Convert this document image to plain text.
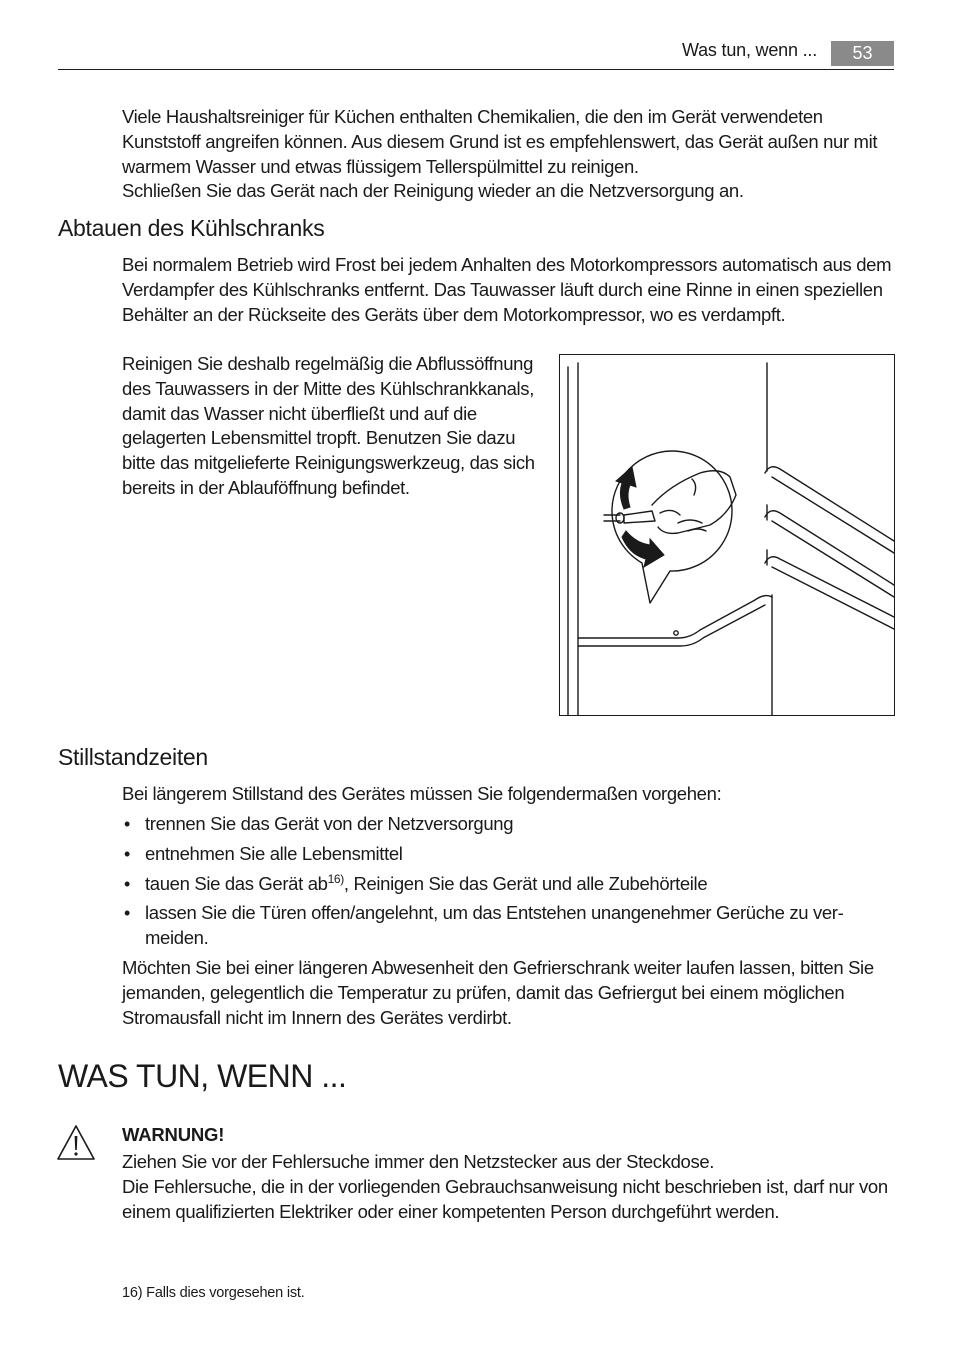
Was tun, wenn ...	53
Viele Haushaltsreiniger für Küchen enthalten Chemikalien, die den im Gerät verwendeten Kunststoff angreifen können. Aus diesem Grund ist es empfehlenswert, das Gerät außen nur mit warmem Wasser und etwas flüssigem Tellerspülmittel zu reinigen.
Schließen Sie das Gerät nach der Reinigung wieder an die Netzversorgung an.
Abtauen des Kühlschranks
Bei normalem Betrieb wird Frost bei jedem Anhalten des Motorkompressors automatisch aus dem Verdampfer des Kühlschranks entfernt. Das Tauwasser läuft durch eine Rinne in einen speziellen Behälter an der Rückseite des Geräts über dem Motorkompressor, wo es verdampft.
Reinigen Sie deshalb regelmäßig die Abflussöffnung des Tauwassers in der Mitte des Kühlschrankkanals, damit das Wasser nicht überfließt und auf die gelagerten Lebensmittel tropft. Benutzen Sie dazu bitte das mitgelieferte Reinigungswerkzeug, das sich bereits in der Ablauföffnung befindet.
Stillstandzeiten
Bei längerem Stillstand des Gerätes müssen Sie folgendermaßen vorgehen:
• trennen Sie das Gerät von der Netzversorgung
• entnehmen Sie alle Lebensmittel
• tauen Sie das Gerät $ab^{16)}$, Reinigen Sie das Gerät und alle Zubehörteile
• lassen Sie die Türen offen/angelehnt, um das Entstehen unangenehmer Gerüche zu vermeiden.
Möchten Sie bei einer längeren Abwesenheit den Gefrierschrank weiter laufen lassen, bitten Sie jemanden, gelegentlich die Temperatur zu prüfen, damit das Gefriergut bei einem möglichen Stromausfall nicht im Innern des Gerätes verdirbt.
WAS TUN, WENN ...
WARNUNG!
Ziehen Sie vor der Fehlersuche immer den Netzstecker aus der Steckdose.
Die Fehlersuche, die in der vorliegenden Gebrauchsanweisung nicht beschrieben ist, darf nur von einem qualifizierten Elektriker oder einer kompetenten Person durchgeführt werden.
16) Falls dies vorgesehen ist.
